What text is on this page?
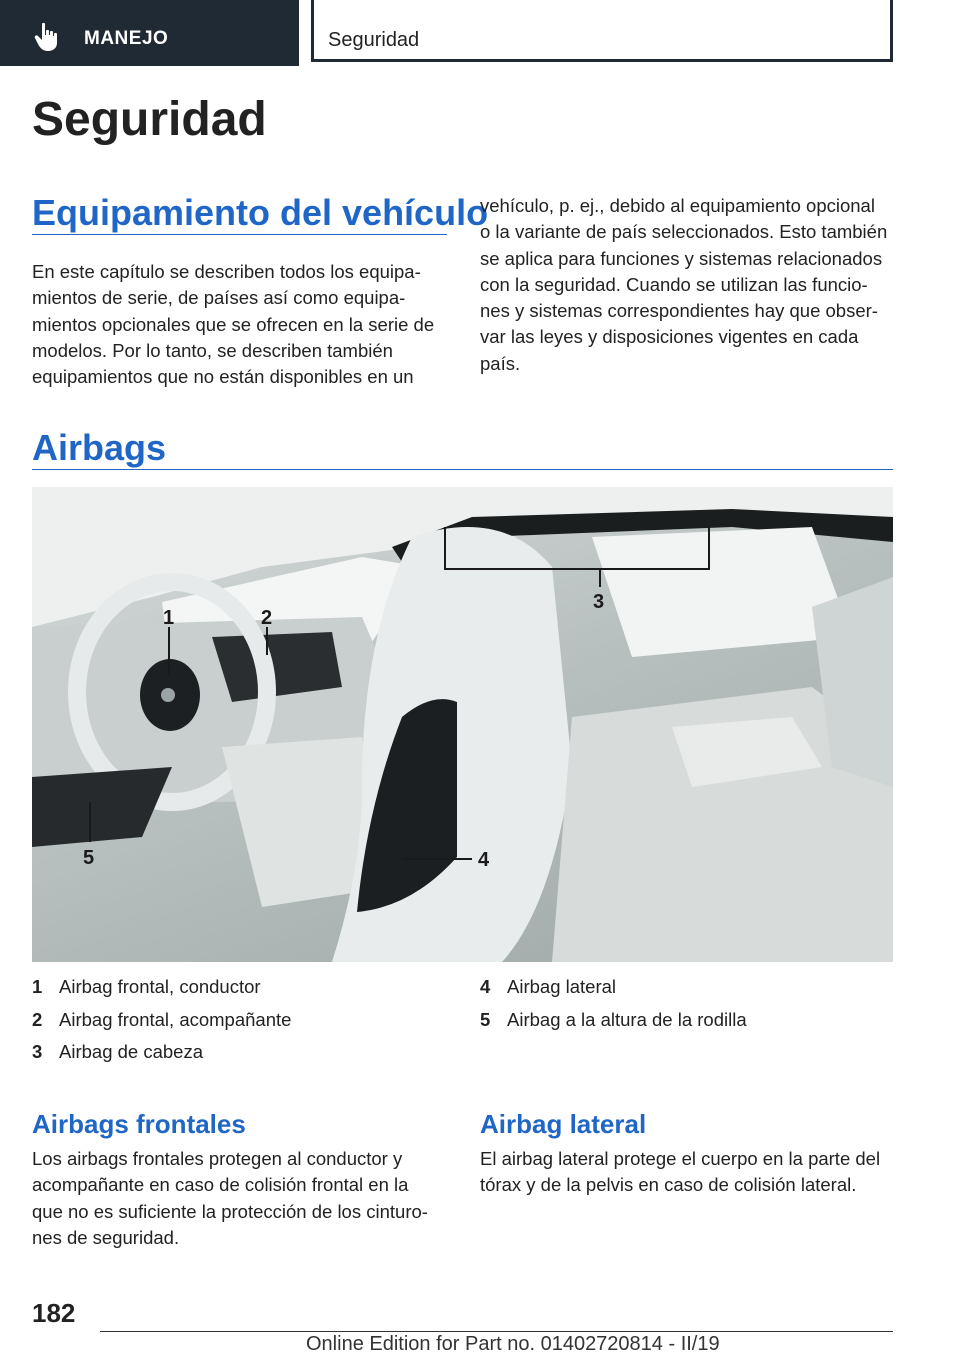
MANEJO	Seguridad
Seguridad
Equipamiento del vehículo

En este capítulo se describen todos los equipa-
mientos de serie, de países así como equipa-
mientos opcionales que se ofrecen en la serie de
modelos. Por lo tanto, se describen también
equipamientos que no están disponibles en un

vehículo, p. ej., debido al equipamiento opcional
o la variante de país seleccionados. Esto también
se aplica para funciones y sistemas relacionados
con la seguridad. Cuando se utilizan las funcio-
nes y sistemas correspondientes hay que obser-
var las leyes y disposiciones vigentes en cada
país.

Airbags
1	2
3
4
5
1 Airbag frontal, conductor
2 Airbag frontal, acompañante
3 Airbag de cabeza
4 Airbag lateral
5 Airbag a la altura de la rodilla
Airbags frontales

Los airbags frontales protegen al conductor y
acompañante en caso de colisión frontal en la
que no es suficiente la protección de los cinturo-
nes de seguridad.

Airbag lateral

El airbag lateral protege el cuerpo en la parte del
tórax y de la pelvis en caso de colisión lateral.

182
Online Edition for Part no. 01402720814 - II/19
